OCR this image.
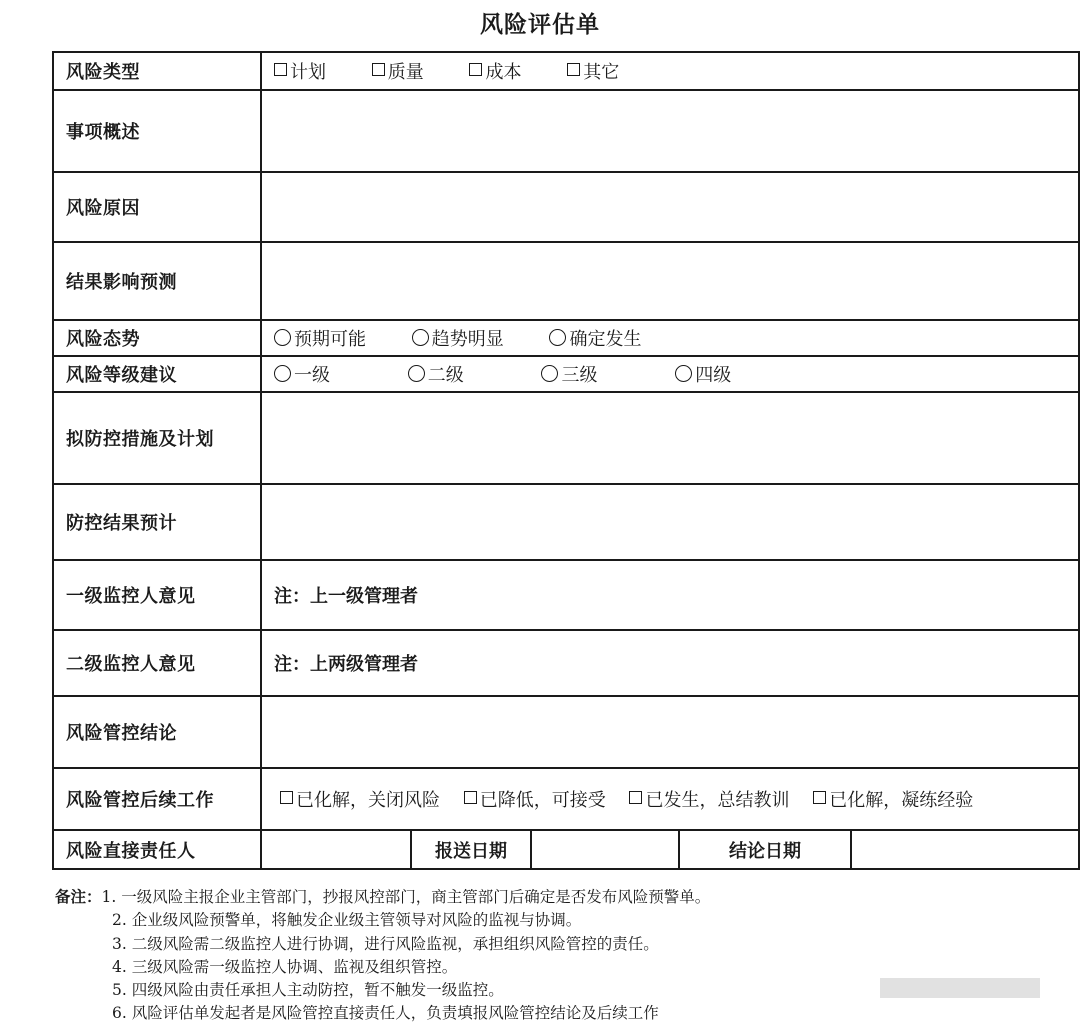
风险评估单
风险类型	计划 质量 成本 其它				
事项概述					
风险原因					
结果影响预测					
风险态势	预期可能 趋势明显 确定发生				
风险等级建议	一级 二级 三级 四级				
拟防控措施及计划					
防控结果预计					
一级监控人意见	注：上一级管理者				
二级监控人意见	注：上两级管理者				
风险管控结论					
风险管控后续工作	已化解，关闭风险 已降低，可接受 已发生，总结教训 已化解，凝练经验				
风险直接责任人		报送日期		结论日期	
备注：1. 一级风险主报企业主管部门，抄报风控部门，商主管部门后确定是否发布风险预警单。
2. 企业级风险预警单，将触发企业级主管领导对风险的监视与协调。
3. 二级风险需二级监控人进行协调，进行风险监视，承担组织风险管控的责任。
4. 三级风险需一级监控人协调、监视及组织管控。
5. 四级风险由责任承担人主动防控，暂不触发一级监控。
6. 风险评估单发起者是风险管控直接责任人，负责填报风险管控结论及后续工作
